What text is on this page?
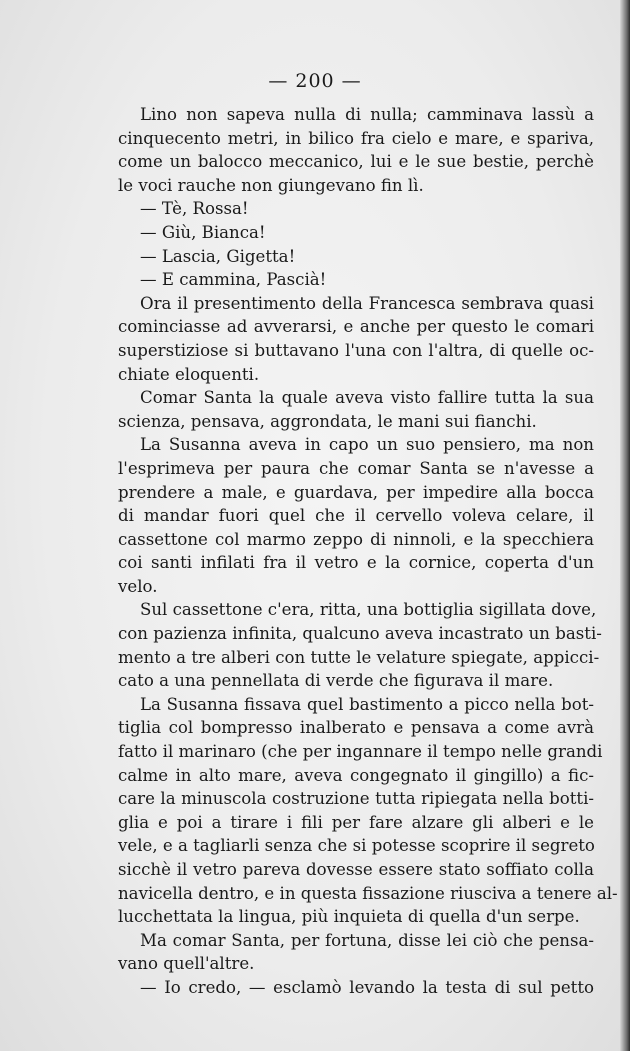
— 200 —
Lino non sapeva nulla di nulla; camminava lassù a
cinquecento metri, in bilico fra cielo e mare, e spariva,
come un balocco meccanico, lui e le sue bestie, perchè
le voci rauche non giungevano fin lì.
— Tè, Rossa!
— Giù, Bianca!
— Lascia, Gigetta!
— E cammina, Pascià!
Ora il presentimento della Francesca sembrava quasi
cominciasse ad avverarsi, e anche per questo le comari
superstiziose si buttavano l'una con l'altra, di quelle oc-
chiate eloquenti.
Comar Santa la quale aveva visto fallire tutta la sua
scienza, pensava, aggrondata, le mani sui fianchi.
La Susanna aveva in capo un suo pensiero, ma non
l'esprimeva per paura che comar Santa se n'avesse a
prendere a male, e guardava, per impedire alla bocca
di mandar fuori quel che il cervello voleva celare, il
cassettone col marmo zeppo di ninnoli, e la specchiera
coi santi infilati fra il vetro e la cornice, coperta d'un
velo.
Sul cassettone c'era, ritta, una bottiglia sigillata dove,
con pazienza infinita, qualcuno aveva incastrato un basti-
mento a tre alberi con tutte le velature spiegate, appicci-
cato a una pennellata di verde che figurava il mare.
La Susanna fissava quel bastimento a picco nella bot-
tiglia col bompresso inalberato e pensava a come avrà
fatto il marinaro (che per ingannare il tempo nelle grandi
calme in alto mare, aveva congegnato il gingillo) a fic-
care la minuscola costruzione tutta ripiegata nella botti-
glia e poi a tirare i fili per fare alzare gli alberi e le
vele, e a tagliarli senza che si potesse scoprire il segreto
sicchè il vetro pareva dovesse essere stato soffiato colla
navicella dentro, e in questa fissazione riusciva a tenere al-
lucchettata la lingua, più inquieta di quella d'un serpe.
Ma comar Santa, per fortuna, disse lei ciò che pensa-
vano quell'altre.
— Io credo, — esclamò levando la testa di sul petto
